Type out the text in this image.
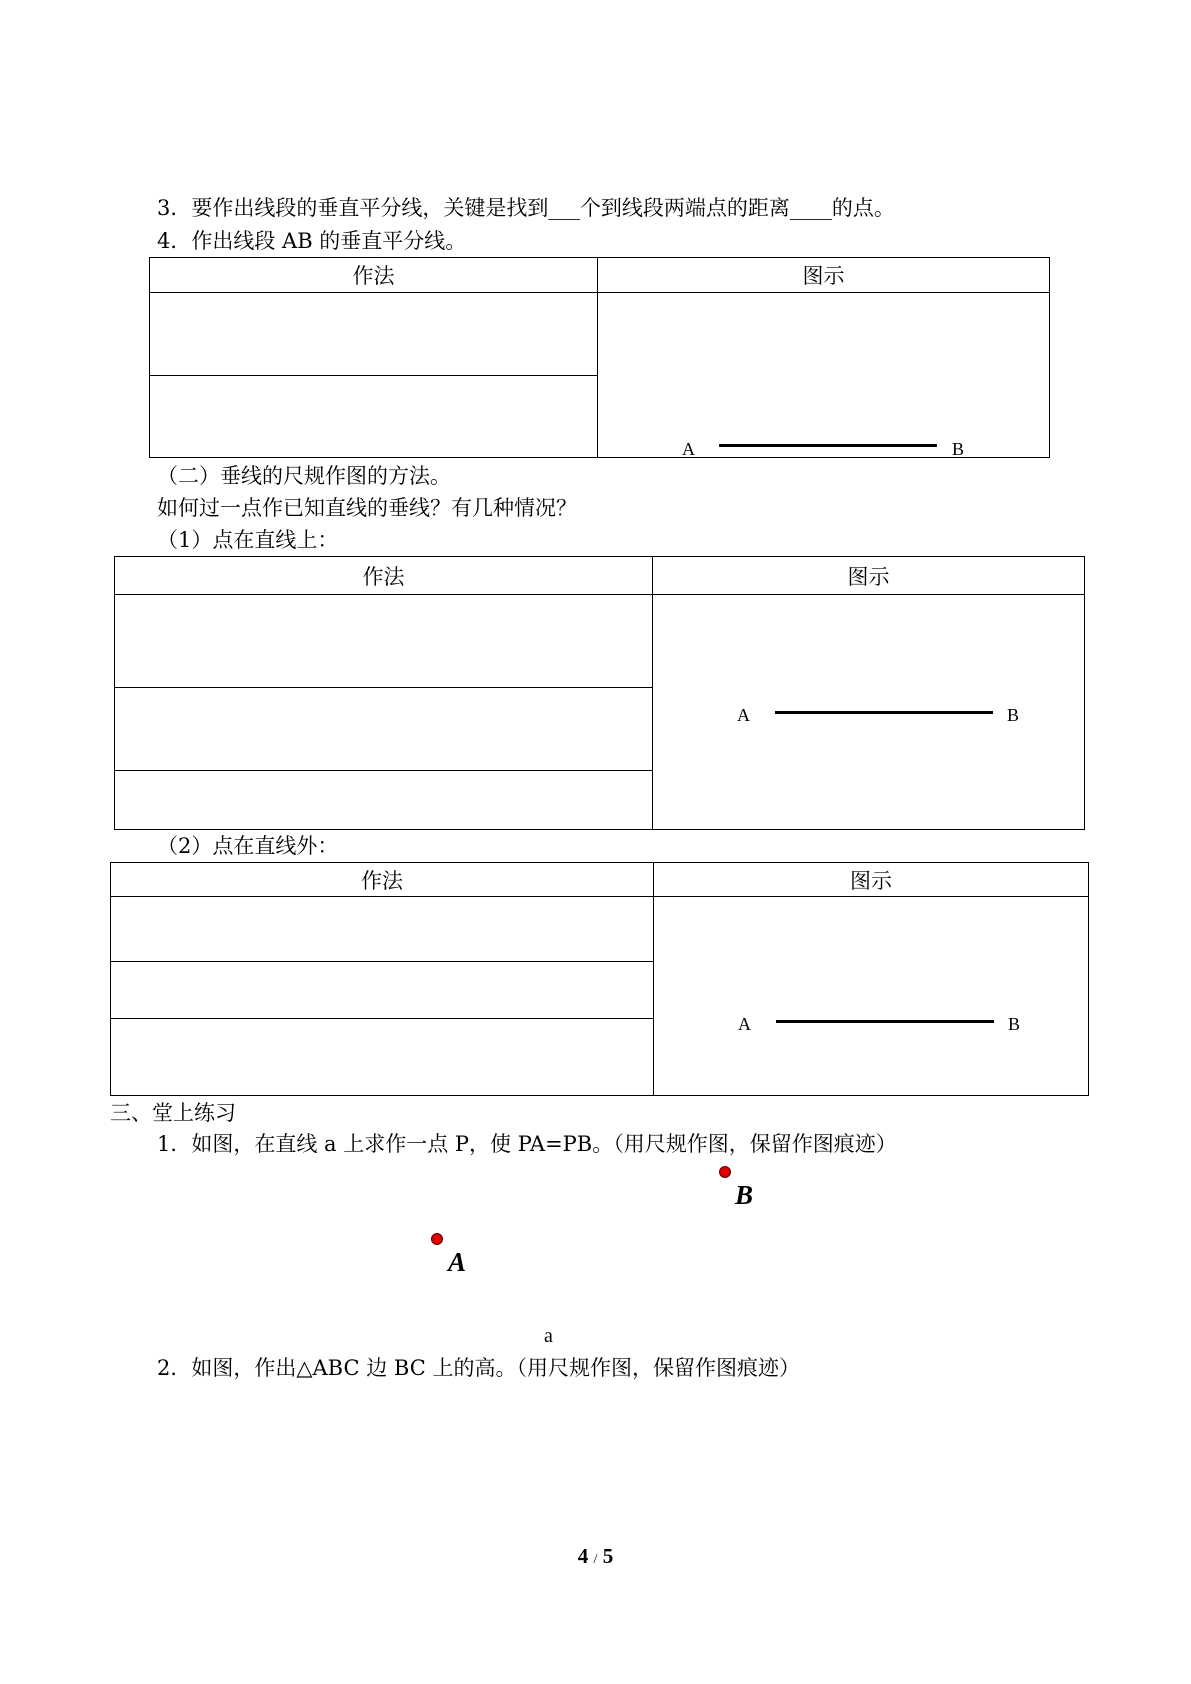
3．要作出线段的垂直平分线，关键是找到___个到线段两端点的距离____的点。
4．作出线段 AB 的垂直平分线。
作法	图示

	A B

（二）垂线的尺规作图的方法。
如何过一点作已知直线的垂线？有几种情况？
（1）点在直线上：
作法	图示

	A B

（2）点在直线外：
作法	图示

	A B

三、堂上练习
1．如图，在直线 a 上求作一点 P，使 PA=PB。（用尺规作图，保留作图痕迹）
B
A
a
2．如图，作出△ABC 边 BC 上的高。（用尺规作图，保留作图痕迹）
4 / 5
